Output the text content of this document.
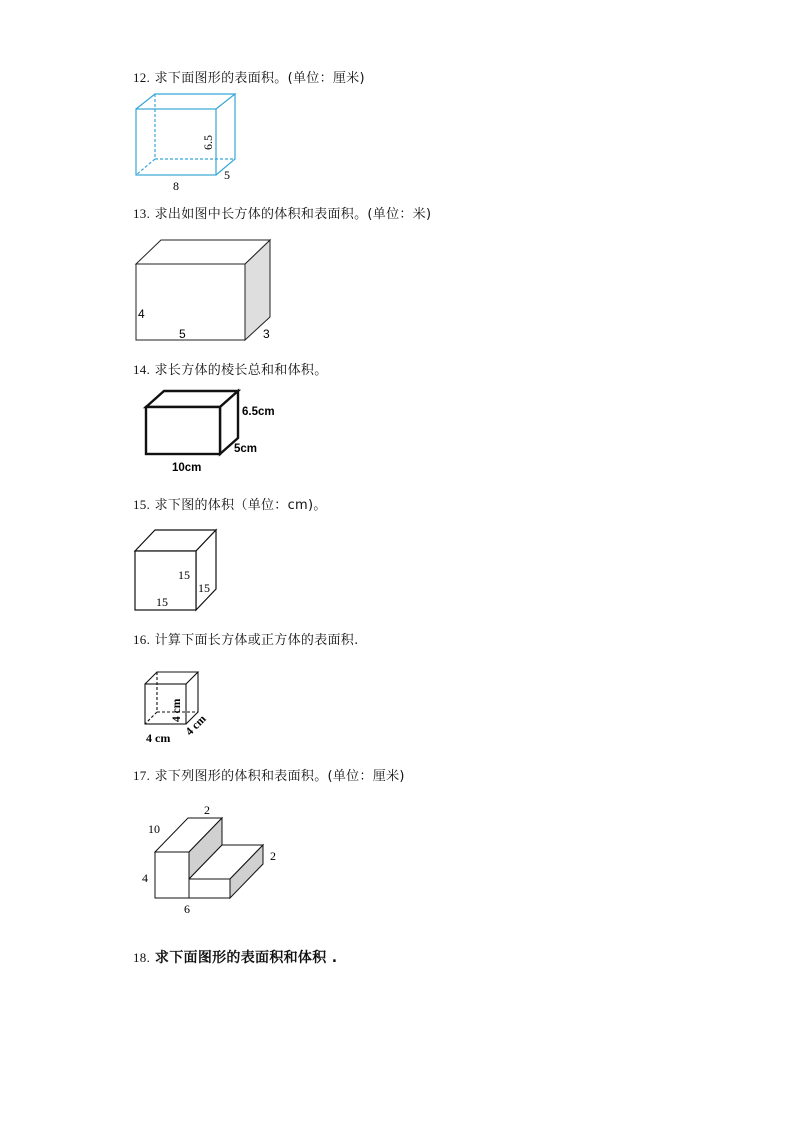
12. 求下面图形的表面积。(单位：厘米)
8
5
6.5
13. 求出如图中长方体的体积和表面积。(单位：米)
4
5	3
14. 求长方体的棱长总和和体积。
6.5cm
5cm
10cm
15. 求下图的体积（单位：cm)。
15
15
15
16. 计算下面长方体或正方体的表面积.
4 cm
4 cm
4 cm
17. 求下列图形的体积和表面积。(单位：厘米)
2
10
2
4
6
18. 求下面图形的表面积和体积 .
